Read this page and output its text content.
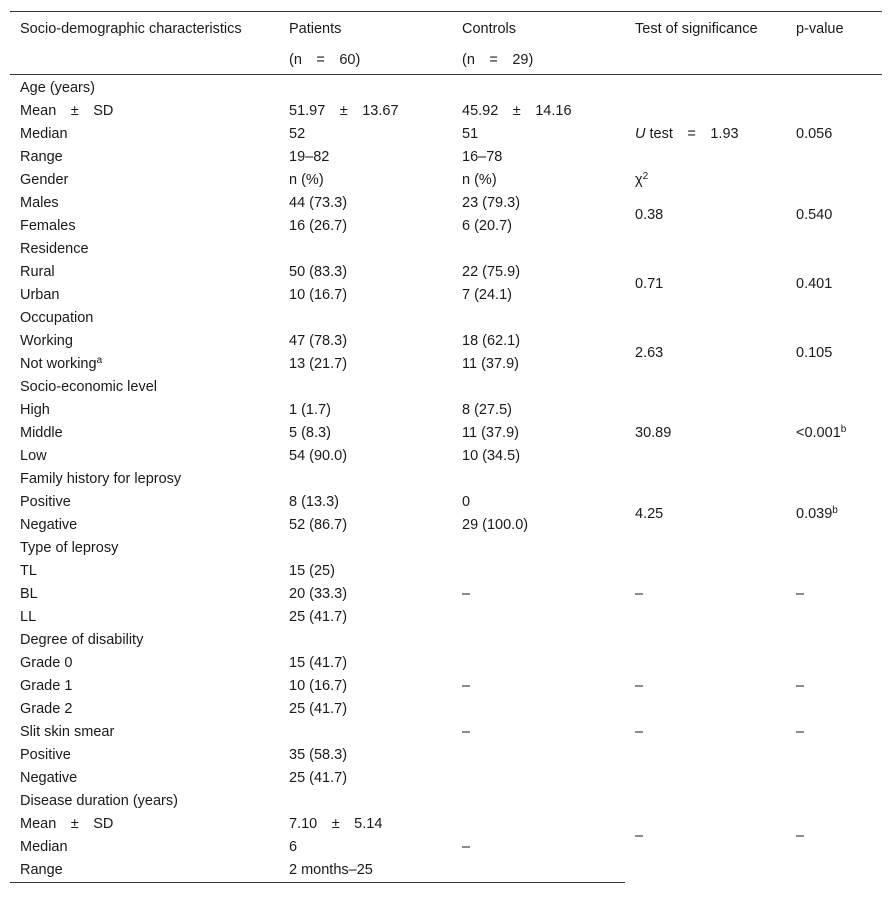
Socio-demographic characteristics	Patients	Controls	Test of significance	p-value
	(n = 60)	(n = 29)		
Age (years)				
Mean ± SD	51.97 ± 13.67	45.92 ± 14.16	U test = 1.93	0.056
Median	52	51		
Range	19–82	16–78		
Gender	n (%)	n (%)	$\chi^2$	
Males	44 (73.3)	23 (79.3)	0.38	0.540
Females	16 (26.7)	6 (20.7)		
Residence				
Rural	50 (83.3)	22 (75.9)	0.71	0.401
Urban	10 (16.7)	7 (24.1)		
Occupation				
Working	47 (78.3)	18 (62.1)	2.63	0.105
Not working$^a$	13 (21.7)	11 (37.9)		
Socio-economic level				
High	1 (1.7)	8 (27.5)	30.89	<0.001$^b$
Middle	5 (8.3)	11 (37.9)		
Low	54 (90.0)	10 (34.5)		
Family history for leprosy				
Positive	8 (13.3)	0	4.25	0.039$^b$
Negative	52 (86.7)	29 (100.0)		
Type of leprosy				
TL	15 (25)		–	–
BL	20 (33.3)	–		
LL	25 (41.7)			
Degree of disability				
Grade 0	15 (41.7)		–	–
Grade 1	10 (16.7)	–		
Grade 2	25 (41.7)			
Slit skin smear		–	–	–
Positive	35 (58.3)			
Negative	25 (41.7)			
Disease duration (years)			–	–
Mean ± SD	7.10 ± 5.14			
Median	6	–		
Range	2 months–25			
